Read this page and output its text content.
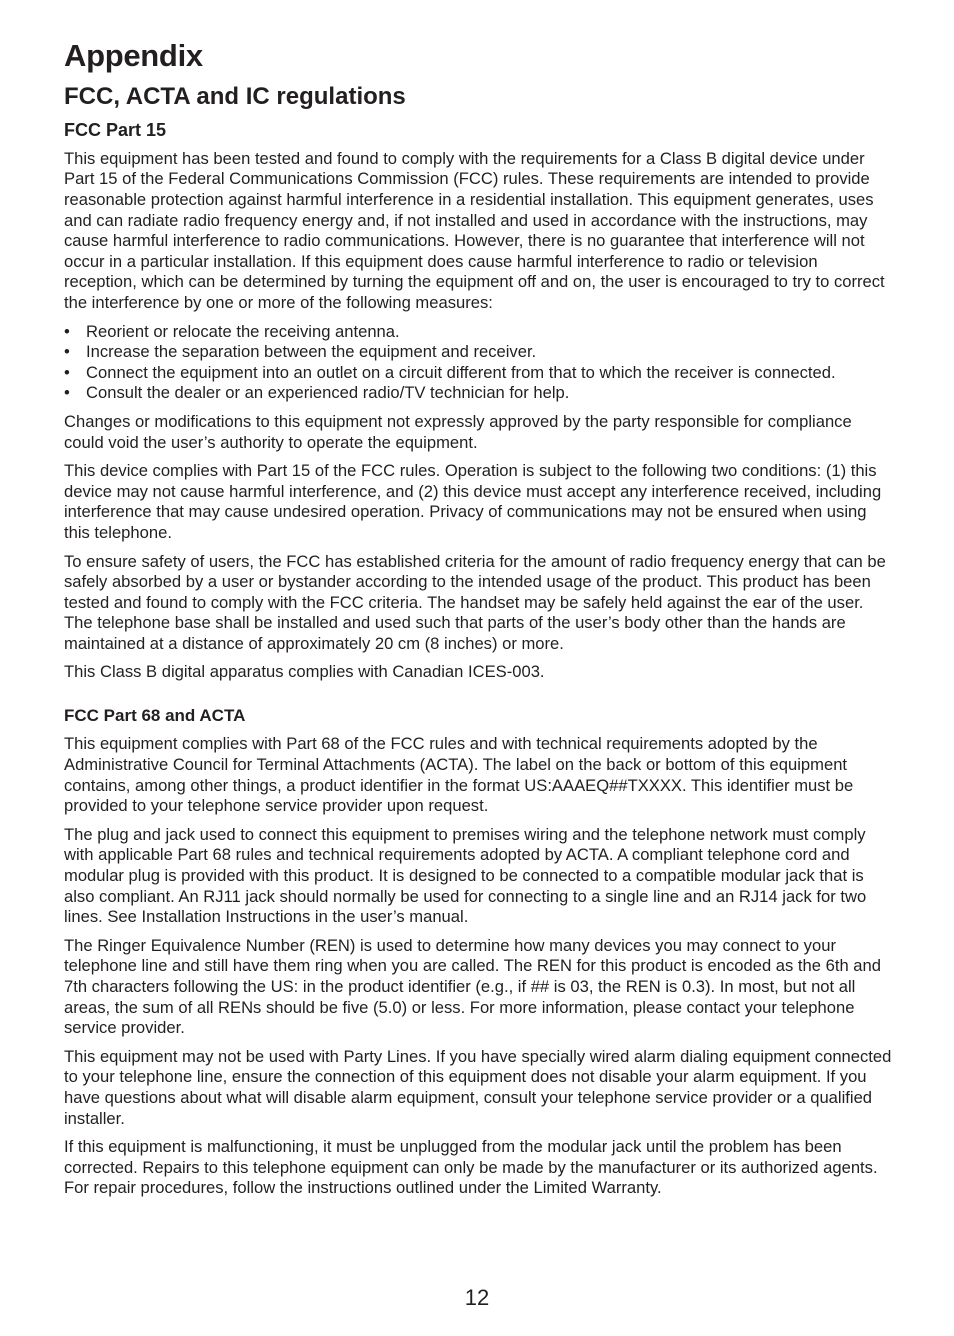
Appendix
FCC, ACTA and IC regulations
FCC Part 15

This equipment has been tested and found to comply with the requirements for a Class B digital device under Part 15 of the Federal Communications Commission (FCC) rules. These requirements are intended to provide reasonable protection against harmful interference in a residential installation. This equipment generates, uses and can radiate radio frequency energy and, if not installed and used in accordance with the instructions, may cause harmful interference to radio communications. However, there is no guarantee that interference will not occur in a particular installation. If this equipment does cause harmful interference to radio or television reception, which can be determined by turning the equipment off and on, the user is encouraged to try to correct the interference by one or more of the following measures:

• Reorient or relocate the receiving antenna.
• Increase the separation between the equipment and receiver.
• Connect the equipment into an outlet on a circuit different from that to which the receiver is connected.
• Consult the dealer or an experienced radio/TV technician for help.

Changes or modifications to this equipment not expressly approved by the party responsible for compliance could void the user’s authority to operate the equipment.

This device complies with Part 15 of the FCC rules. Operation is subject to the following two conditions: (1) this device may not cause harmful interference, and (2) this device must accept any interference received, including interference that may cause undesired operation. Privacy of communications may not be ensured when using this telephone.

To ensure safety of users, the FCC has established criteria for the amount of radio frequency energy that can be safely absorbed by a user or bystander according to the intended usage of the product. This product has been tested and found to comply with the FCC criteria. The handset may be safely held against the ear of the user. The telephone base shall be installed and used such that parts of the user’s body other than the hands are maintained at a distance of approximately 20 cm (8 inches) or more.

This Class B digital apparatus complies with Canadian ICES-003.

FCC Part 68 and ACTA

This equipment complies with Part 68 of the FCC rules and with technical requirements adopted by the Administrative Council for Terminal Attachments (ACTA). The label on the back or bottom of this equipment contains, among other things, a product identifier in the format US:AAAEQ##TXXXX. This identifier must be provided to your telephone service provider upon request.

The plug and jack used to connect this equipment to premises wiring and the telephone network must comply with applicable Part 68 rules and technical requirements adopted by ACTA. A compliant telephone cord and modular plug is provided with this product. It is designed to be connected to a compatible modular jack that is also compliant. An RJ11 jack should normally be used for connecting to a single line and an RJ14 jack for two lines. See Installation Instructions in the user’s manual.

The Ringer Equivalence Number (REN) is used to determine how many devices you may connect to your telephone line and still have them ring when you are called. The REN for this product is encoded as the 6th and 7th characters following the US: in the product identifier (e.g., if ## is 03, the REN is 0.3). In most, but not all areas, the sum of all RENs should be five (5.0) or less. For more information, please contact your telephone service provider.

This equipment may not be used with Party Lines. If you have specially wired alarm dialing equipment connected to your telephone line, ensure the connection of this equipment does not disable your alarm equipment. If you have questions about what will disable alarm equipment, consult your telephone service provider or a qualified installer.

If this equipment is malfunctioning, it must be unplugged from the modular jack until the problem has been corrected. Repairs to this telephone equipment can only be made by the manufacturer or its authorized agents. For repair procedures, follow the instructions outlined under the Limited Warranty.

12
